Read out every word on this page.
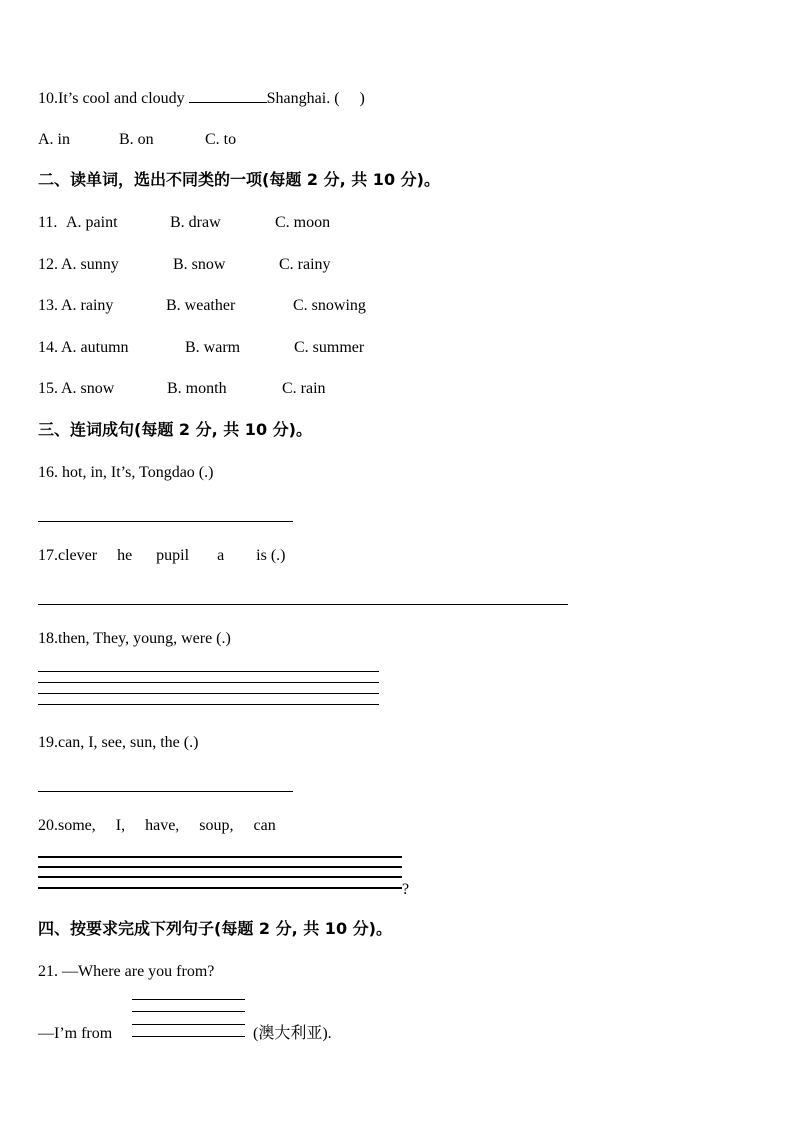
10.It’s cool and cloudy	Shanghai. (     )
A. in	B. on	C. to
二、读单词，选出不同类的一项(每题 2 分, 共 10 分)。
11. A. paint	B. draw	C. moon
12. A. sunny	B. snow	C. rainy
13. A. rainy	B. weather	C. snowing
14. A. autumn	B. warm	C. summer
15. A. snow	B. month	C. rain
三、连词成句(每题 2 分, 共 10 分)。
16. hot, in, It’s, Tongdao (.)
17.clever     he      pupil       a        is (.)
18.then, They, young, were (.)
19.can, I, see, sun, the (.)
20.some,     I,     have,     soup,     can
?
四、按要求完成下列句子(每题 2 分, 共 10 分)。
21. —Where are you from?
—I’m from	(澳大利亚).
